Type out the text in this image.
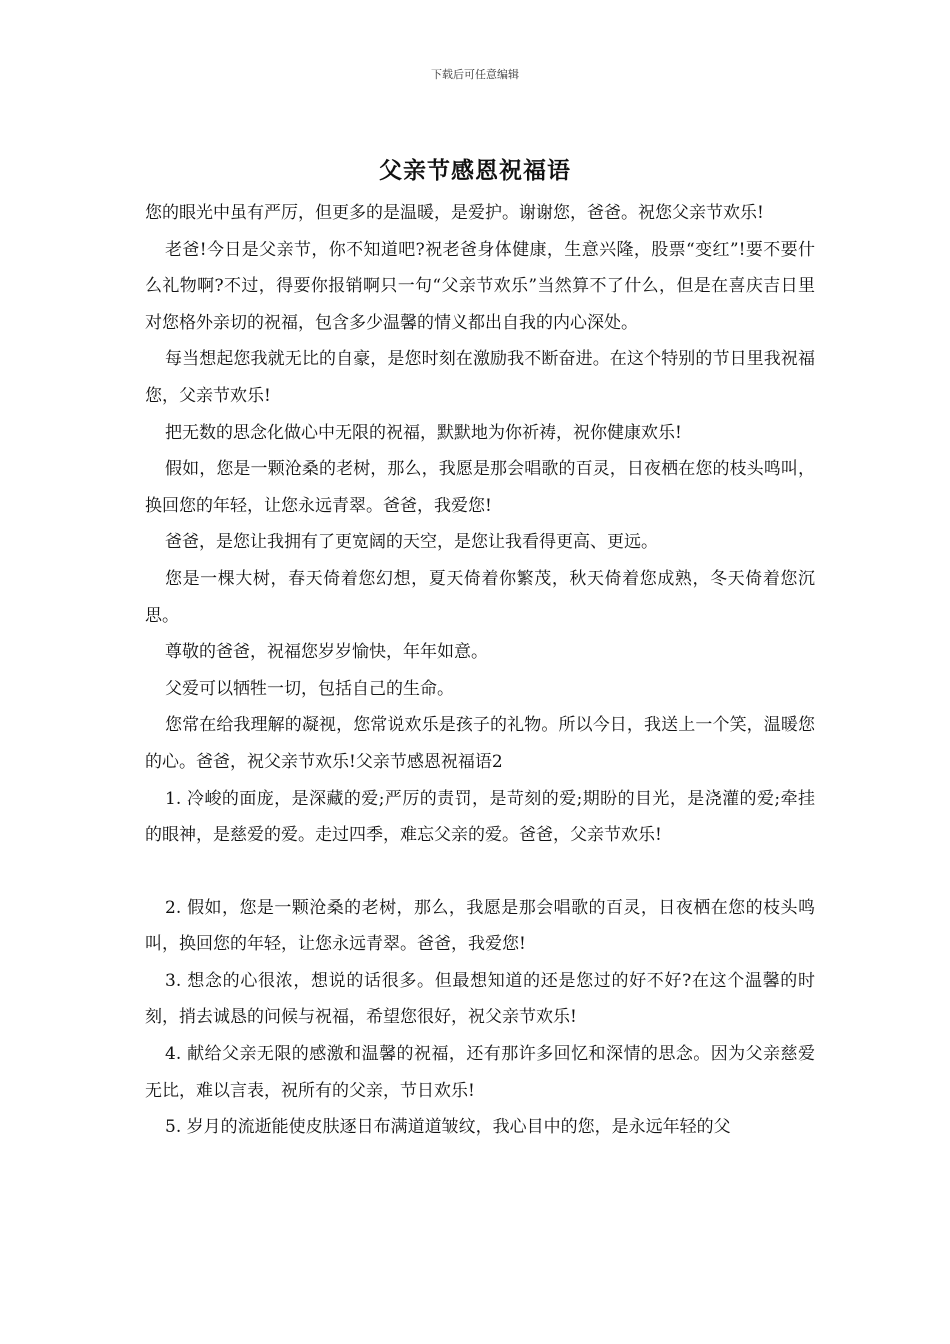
下载后可任意编辑
父亲节感恩祝福语

您的眼光中虽有严厉，但更多的是温暖，是爱护。谢谢您，爸爸。祝您父亲节欢乐!

老爸!今日是父亲节，你不知道吧?祝老爸身体健康，生意兴隆，股票“变红”!要不要什么礼物啊?不过，得要你报销啊只一句“父亲节欢乐”当然算不了什么，但是在喜庆吉日里对您格外亲切的祝福，包含多少温馨的情义都出自我的内心深处。

每当想起您我就无比的自豪，是您时刻在激励我不断奋进。在这个特别的节日里我祝福您，父亲节欢乐!

把无数的思念化做心中无限的祝福，默默地为你祈祷，祝你健康欢乐!

假如，您是一颗沧桑的老树，那么，我愿是那会唱歌的百灵，日夜栖在您的枝头鸣叫，换回您的年轻，让您永远青翠。爸爸，我爱您!

爸爸，是您让我拥有了更宽阔的天空，是您让我看得更高、更远。

您是一棵大树，春天倚着您幻想，夏天倚着你繁茂，秋天倚着您成熟，冬天倚着您沉思。

尊敬的爸爸，祝福您岁岁愉快，年年如意。

父爱可以牺牲一切，包括自己的生命。

您常在给我理解的凝视，您常说欢乐是孩子的礼物。所以今日，我送上一个笑，温暖您的心。爸爸，祝父亲节欢乐!父亲节感恩祝福语2

1. 冷峻的面庞，是深藏的爱;严厉的责罚，是苛刻的爱;期盼的目光，是浇灌的爱;牵挂的眼神，是慈爱的爱。走过四季，难忘父亲的爱。爸爸，父亲节欢乐!

2. 假如，您是一颗沧桑的老树，那么，我愿是那会唱歌的百灵，日夜栖在您的枝头鸣叫，换回您的年轻，让您永远青翠。爸爸，我爱您!

3. 想念的心很浓，想说的话很多。但最想知道的还是您过的好不好?在这个温馨的时刻，捎去诚恳的问候与祝福，希望您很好，祝父亲节欢乐!

4. 献给父亲无限的感激和温馨的祝福，还有那许多回忆和深情的思念。因为父亲慈爱无比，难以言表，祝所有的父亲，节日欢乐!

5. 岁月的流逝能使皮肤逐日布满道道皱纹，我心目中的您，是永远年轻的父
